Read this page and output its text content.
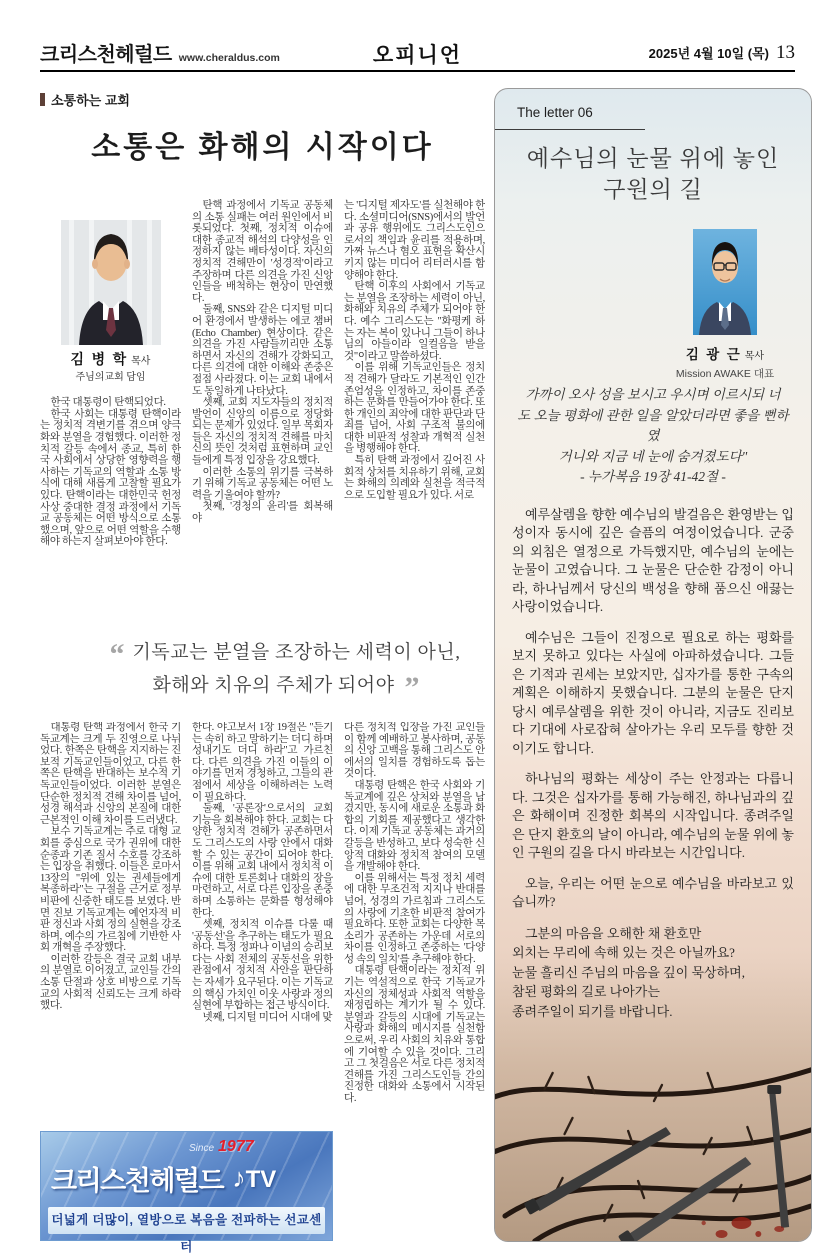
크리스천헤럴드 www.cheraldus.com	오피니언	2025년 4월 10일 (목) 13
소통하는 교회
소통은 화해의 시작이다
김 병 학 목사
주님의교회 담임
한국 대통령이 탄핵되었다.
한국 사회는 대통령 탄핵이라는 정치적 격변기를 겪으며 양극화와 분열을 경험했다. 이러한 정치적 갈등 속에서 종교, 특히 한국 사회에서 상당한 영향력을 행사하는 기독교의 역할과 소통 방식에 대해 새롭게 고찰할 필요가 있다. 탄핵이라는 대한민국 헌정사상 중대한 결정 과정에서 기독교 공동체는 어떤 방식으로 소통했으며, 앞으로 어떤 역할을 수행해야 하는지 살펴보아야 한다.
탄핵 과정에서 기독교 공동체의 소통 실패는 여러 원인에서 비롯되었다. 첫째, 정치적 이슈에 대한 종교적 해석의 다양성을 인정하지 않는 배타성이다. 자신의 정치적 견해만이 '성경적'이라고 주장하며 다른 의견을 가진 신앙인들을 배척하는 현상이 만연했다.
둘째, SNS와 같은 디지털 미디어 환경에서 발생하는 에코 챔버(Echo Chamber) 현상이다. 같은 의견을 가진 사람들끼리만 소통하면서 자신의 견해가 강화되고, 다른 의견에 대한 이해와 존중은 점점 사라졌다. 이는 교회 내에서도 동일하게 나타났다.
셋째, 교회 지도자들의 정치적 발언이 신앙의 이름으로 정당화되는 문제가 있었다. 일부 목회자들은 자신의 정치적 견해를 마치 신의 뜻인 것처럼 표현하며 교인들에게 특정 입장을 강요했다.
이러한 소통의 위기를 극복하기 위해 기독교 공동체는 어떤 노력을 기울여야 할까?
첫째, '경청의 윤리'를 회복해야
는 '디지털 제자도'를 실천해야 한다. 소셜미디어(SNS)에서의 발언과 공유 행위에도 그리스도인으로서의 책임과 윤리를 적용하며, 가짜 뉴스나 혐오 표현을 확산시키지 않는 미디어 리터러시를 함양해야 한다.
탄핵 이후의 사회에서 기독교는 분열을 조장하는 세력이 아닌, 화해와 치유의 주체가 되어야 한다. 예수 그리스도는 "화평케 하는 자는 복이 있나니 그들이 하나님의 아들이라 일컬음을 받을 것"이라고 말씀하셨다.
이를 위해 기독교인들은 정치적 견해가 달라도 기본적인 인간 존엄성을 인정하고, 차이를 존중하는 문화를 만들어가야 한다. 또한 개인의 죄악에 대한 판단과 단죄를 넘어, 사회 구조적 불의에 대한 비판적 성찰과 개혁적 실천을 병행해야 한다.
특히 탄핵 과정에서 깊어진 사회적 상처를 치유하기 위해, 교회는 화해의 의례와 실천을 적극적으로 도입할 필요가 있다. 서로
“ 기독교는 분열을 조장하는 세력이 아닌,
화해와 치유의 주체가 되어야 ”
대통령 탄핵 과정에서 한국 기독교계는 크게 두 진영으로 나뉘었다. 한쪽은 탄핵을 지지하는 진보적 기독교인들이었고, 다른 한쪽은 탄핵을 반대하는 보수적 기독교인들이었다. 이러한 분열은 단순한 정치적 견해 차이를 넘어, 성경 해석과 신앙의 본질에 대한 근본적인 이해 차이를 드러냈다.
보수 기독교계는 주로 대형 교회를 중심으로 국가 권위에 대한 순종과 기존 질서 수호를 강조하는 입장을 취했다. 이들은 로마서 13장의 "위에 있는 권세들에게 복종하라"는 구절을 근거로 정부 비판에 신중한 태도를 보였다. 반면 진보 기독교계는 예언자적 비판 정신과 사회 정의 실현을 강조하며, 예수의 가르침에 기반한 사회 개혁을 주장했다.
이러한 갈등은 결국 교회 내부의 분열로 이어졌고, 교인들 간의 소통 단절과 상호 비방으로 기독교의 사회적 신뢰도는 크게 하락했다.
한다. 야고보서 1장 19절은 "듣기는 속히 하고 말하기는 더디 하며 성내기도 더디 하라"고 가르친다. 다른 의견을 가진 이들의 이야기를 먼저 경청하고, 그들의 관점에서 세상을 이해하려는 노력이 필요하다.
둘째, '공론장'으로서의 교회 기능을 회복해야 한다. 교회는 다양한 정치적 견해가 공존하면서도 그리스도의 사랑 안에서 대화할 수 있는 공간이 되어야 한다. 이를 위해 교회 내에서 정치적 이슈에 대한 토론회나 대화의 장을 마련하고, 서로 다른 입장을 존중하며 소통하는 문화를 형성해야 한다.
셋째, 정치적 이슈를 다룰 때 '공동선'을 추구하는 태도가 필요하다. 특정 정파나 이념의 승리보다는 사회 전체의 공동선을 위한 관점에서 정치적 사안을 판단하는 자세가 요구된다. 이는 기독교의 핵심 가치인 이웃 사랑과 정의 실현에 부합하는 접근 방식이다.
넷째, 디지털 미디어 시대에 맞
다른 정치적 입장을 가진 교인들이 함께 예배하고 봉사하며, 공동의 신앙 고백을 통해 그리스도 안에서의 일치를 경험하도록 돕는 것이다.
대통령 탄핵은 한국 사회와 기독교계에 깊은 상처와 분열을 남겼지만, 동시에 새로운 소통과 화합의 기회를 제공했다고 생각한다. 이제 기독교 공동체는 과거의 갈등을 반성하고, 보다 성숙한 신앙적 대화와 정치적 참여의 모델을 개발해야 한다.
이를 위해서는 특정 정치 세력에 대한 무조건적 지지나 반대를 넘어, 성경의 가르침과 그리스도의 사랑에 기초한 비판적 참여가 필요하다. 또한 교회는 다양한 목소리가 공존하는 가운데 서로의 차이를 인정하고 존중하는 '다양성 속의 일치'를 추구해야 한다.
대통령 탄핵이라는 정치적 위기는 역설적으로 한국 기독교가 자신의 정체성과 사회적 역할을 재정립하는 계기가 될 수 있다. 분열과 갈등의 시대에 기독교는 사랑과 화해의 메시지를 실천함으로써, 우리 사회의 치유와 통합에 기여할 수 있을 것이다. 그리고 그 첫걸음은 서로 다른 정치적 견해를 가진 그리스도인들 간의 진정한 대화와 소통에서 시작된다.
Since 1977
크리스천헤럴드 ♪TV
더넓게 더많이, 열방으로 복음을 전파하는 선교센터
The letter 06
예수님의 눈물 위에 놓인
구원의 길
김 광 근 목사
Mission AWAKE 대표
가까이 오사 성을 보시고 우시며 이르시되 너
도 오늘 평화에 관한 일을 알았더라면 좋을 뻔하였
거니와 지금 네 눈에 숨겨졌도다"
- 누가복음 19장 41-42절 -
예루살렘을 향한 예수님의 발걸음은 환영받는 입성이자 동시에 깊은 슬픔의 여정이었습니다. 군중의 외침은 열정으로 가득했지만, 예수님의 눈에는 눈물이 고였습니다. 그 눈물은 단순한 감정이 아니라, 하나님께서 당신의 백성을 향해 품으신 애끓는 사랑이었습니다.
예수님은 그들이 진정으로 필요로 하는 평화를 보지 못하고 있다는 사실에 아파하셨습니다. 그들은 기적과 권세는 보았지만, 십자가를 통한 구속의 계획은 이해하지 못했습니다. 그분의 눈물은 단지 당시 예루살렘을 위한 것이 아니라, 지금도 진리보다 기대에 사로잡혀 살아가는 우리 모두를 향한 것이기도 합니다.
하나님의 평화는 세상이 주는 안정과는 다릅니다. 그것은 십자가를 통해 가능해진, 하나님과의 깊은 화해이며 진정한 회복의 시작입니다. 종려주일은 단지 환호의 날이 아니라, 예수님의 눈물 위에 놓인 구원의 길을 다시 바라보는 시간입니다.
오늘, 우리는 어떤 눈으로 예수님을 바라보고 있습니까?
그분의 마음을 오해한 채 환호만
외치는 무리에 속해 있는 것은 아닐까요?
눈물 흘리신 주님의 마음을 깊이 묵상하며,
참된 평화의 길로 나아가는
종려주일이 되기를 바랍니다.
